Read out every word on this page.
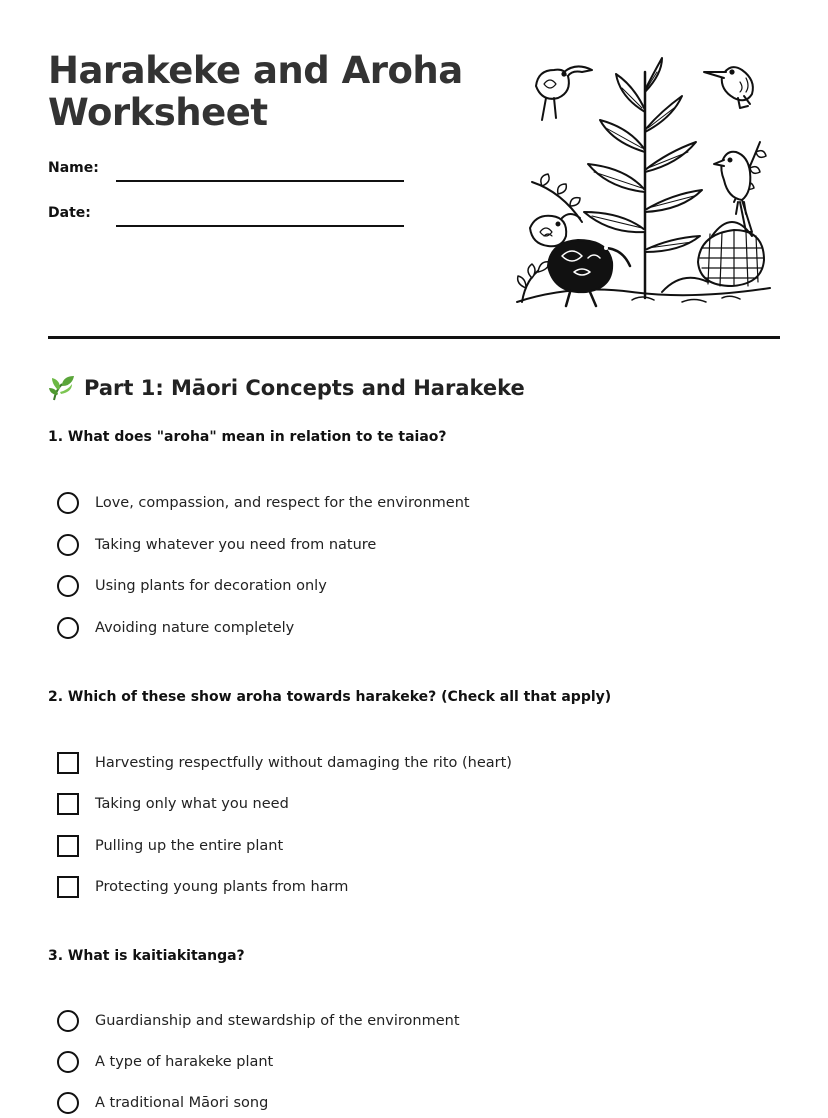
Harakeke and Aroha Worksheet
Name:
Date:
Part 1: Māori Concepts and Harakeke

1. What does "aroha" mean in relation to te taiao?

Love, compassion, and respect for the environment
Taking whatever you need from nature
Using plants for decoration only
Avoiding nature completely

2. Which of these show aroha towards harakeke? (Check all that apply)

Harvesting respectfully without damaging the rito (heart)
Taking only what you need
Pulling up the entire plant
Protecting young plants from harm

3. What is kaitiakitanga?

Guardianship and stewardship of the environment
A type of harakeke plant
A traditional Māori song
